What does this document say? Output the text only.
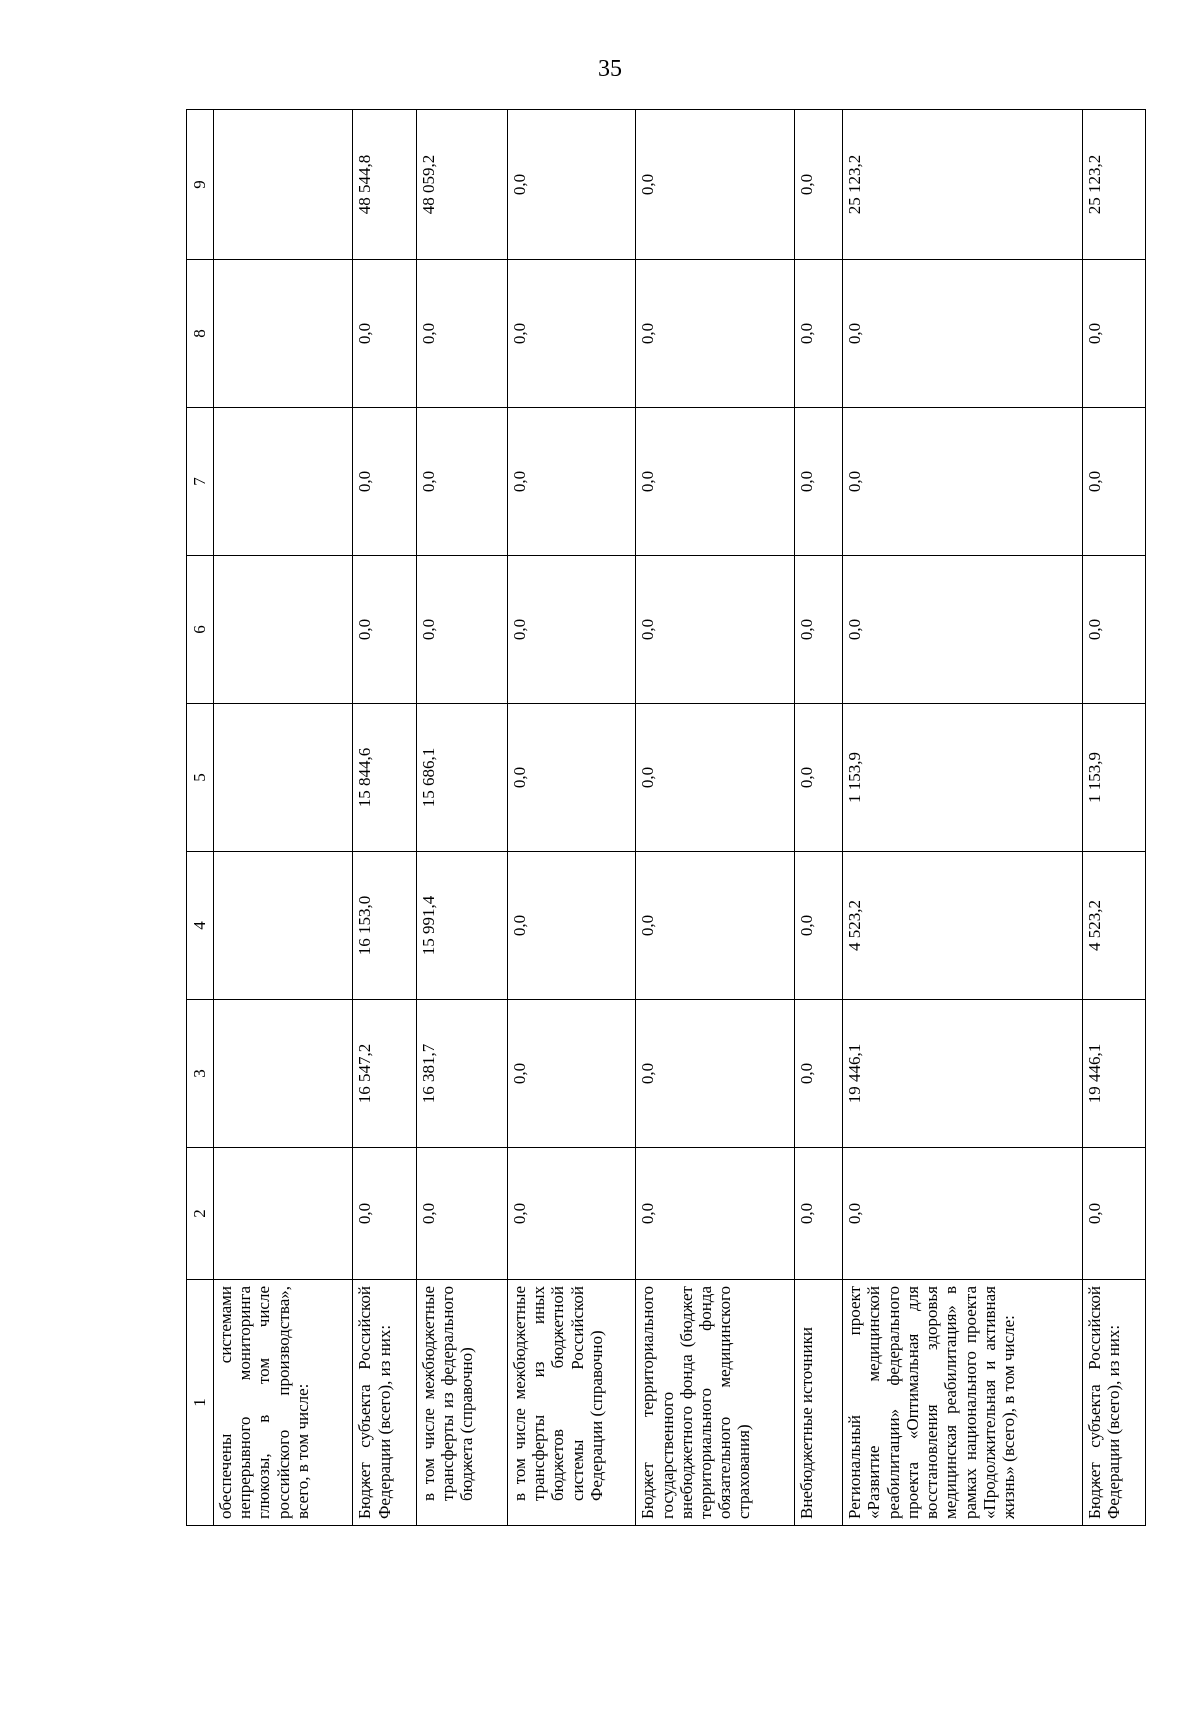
35
1	2	3	4	5	6	7	8	9
обеспечены системами непрерывного мониторинга глюкозы, в том числе российского производства», всего, в том числе:								
Бюджет субъекта Российской Федерации (всего), из них:	0,0	16 547,2	16 153,0	15 844,6	0,0	0,0	0,0	48 544,8

в том числе межбюджетные трансферты из федерального бюджета (справочно)	0,0	16 381,7	15 991,4	15 686,1	0,0	0,0	0,0	48 059,2

в том числе межбюджетные трансферты из иных бюджетов бюджетной системы Российской Федерации (справочно)	0,0	0,0	0,0	0,0	0,0	0,0	0,0	0,0
Бюджет территориального государственного внебюджетного фонда (бюджет территориального фонда обязательного медицинского страхования)	0,0	0,0	0,0	0,0	0,0	0,0	0,0	0,0
Внебюджетные источники	0,0	0,0	0,0	0,0	0,0	0,0	0,0	0,0
Региональный проект «Развитие медицинской реабилитации» федерального проекта «Оптимальная для восстановления здоровья медицинская реабилитация» в рамках национального проекта «Продолжительная и активная жизнь» (всего), в том числе:	0,0	19 446,1	4 523,2	1 153,9	0,0	0,0	0,0	25 123,2
Бюджет субъекта Российской Федерации (всего), из них:	0,0	19 446,1	4 523,2	1 153,9	0,0	0,0	0,0	25 123,2
